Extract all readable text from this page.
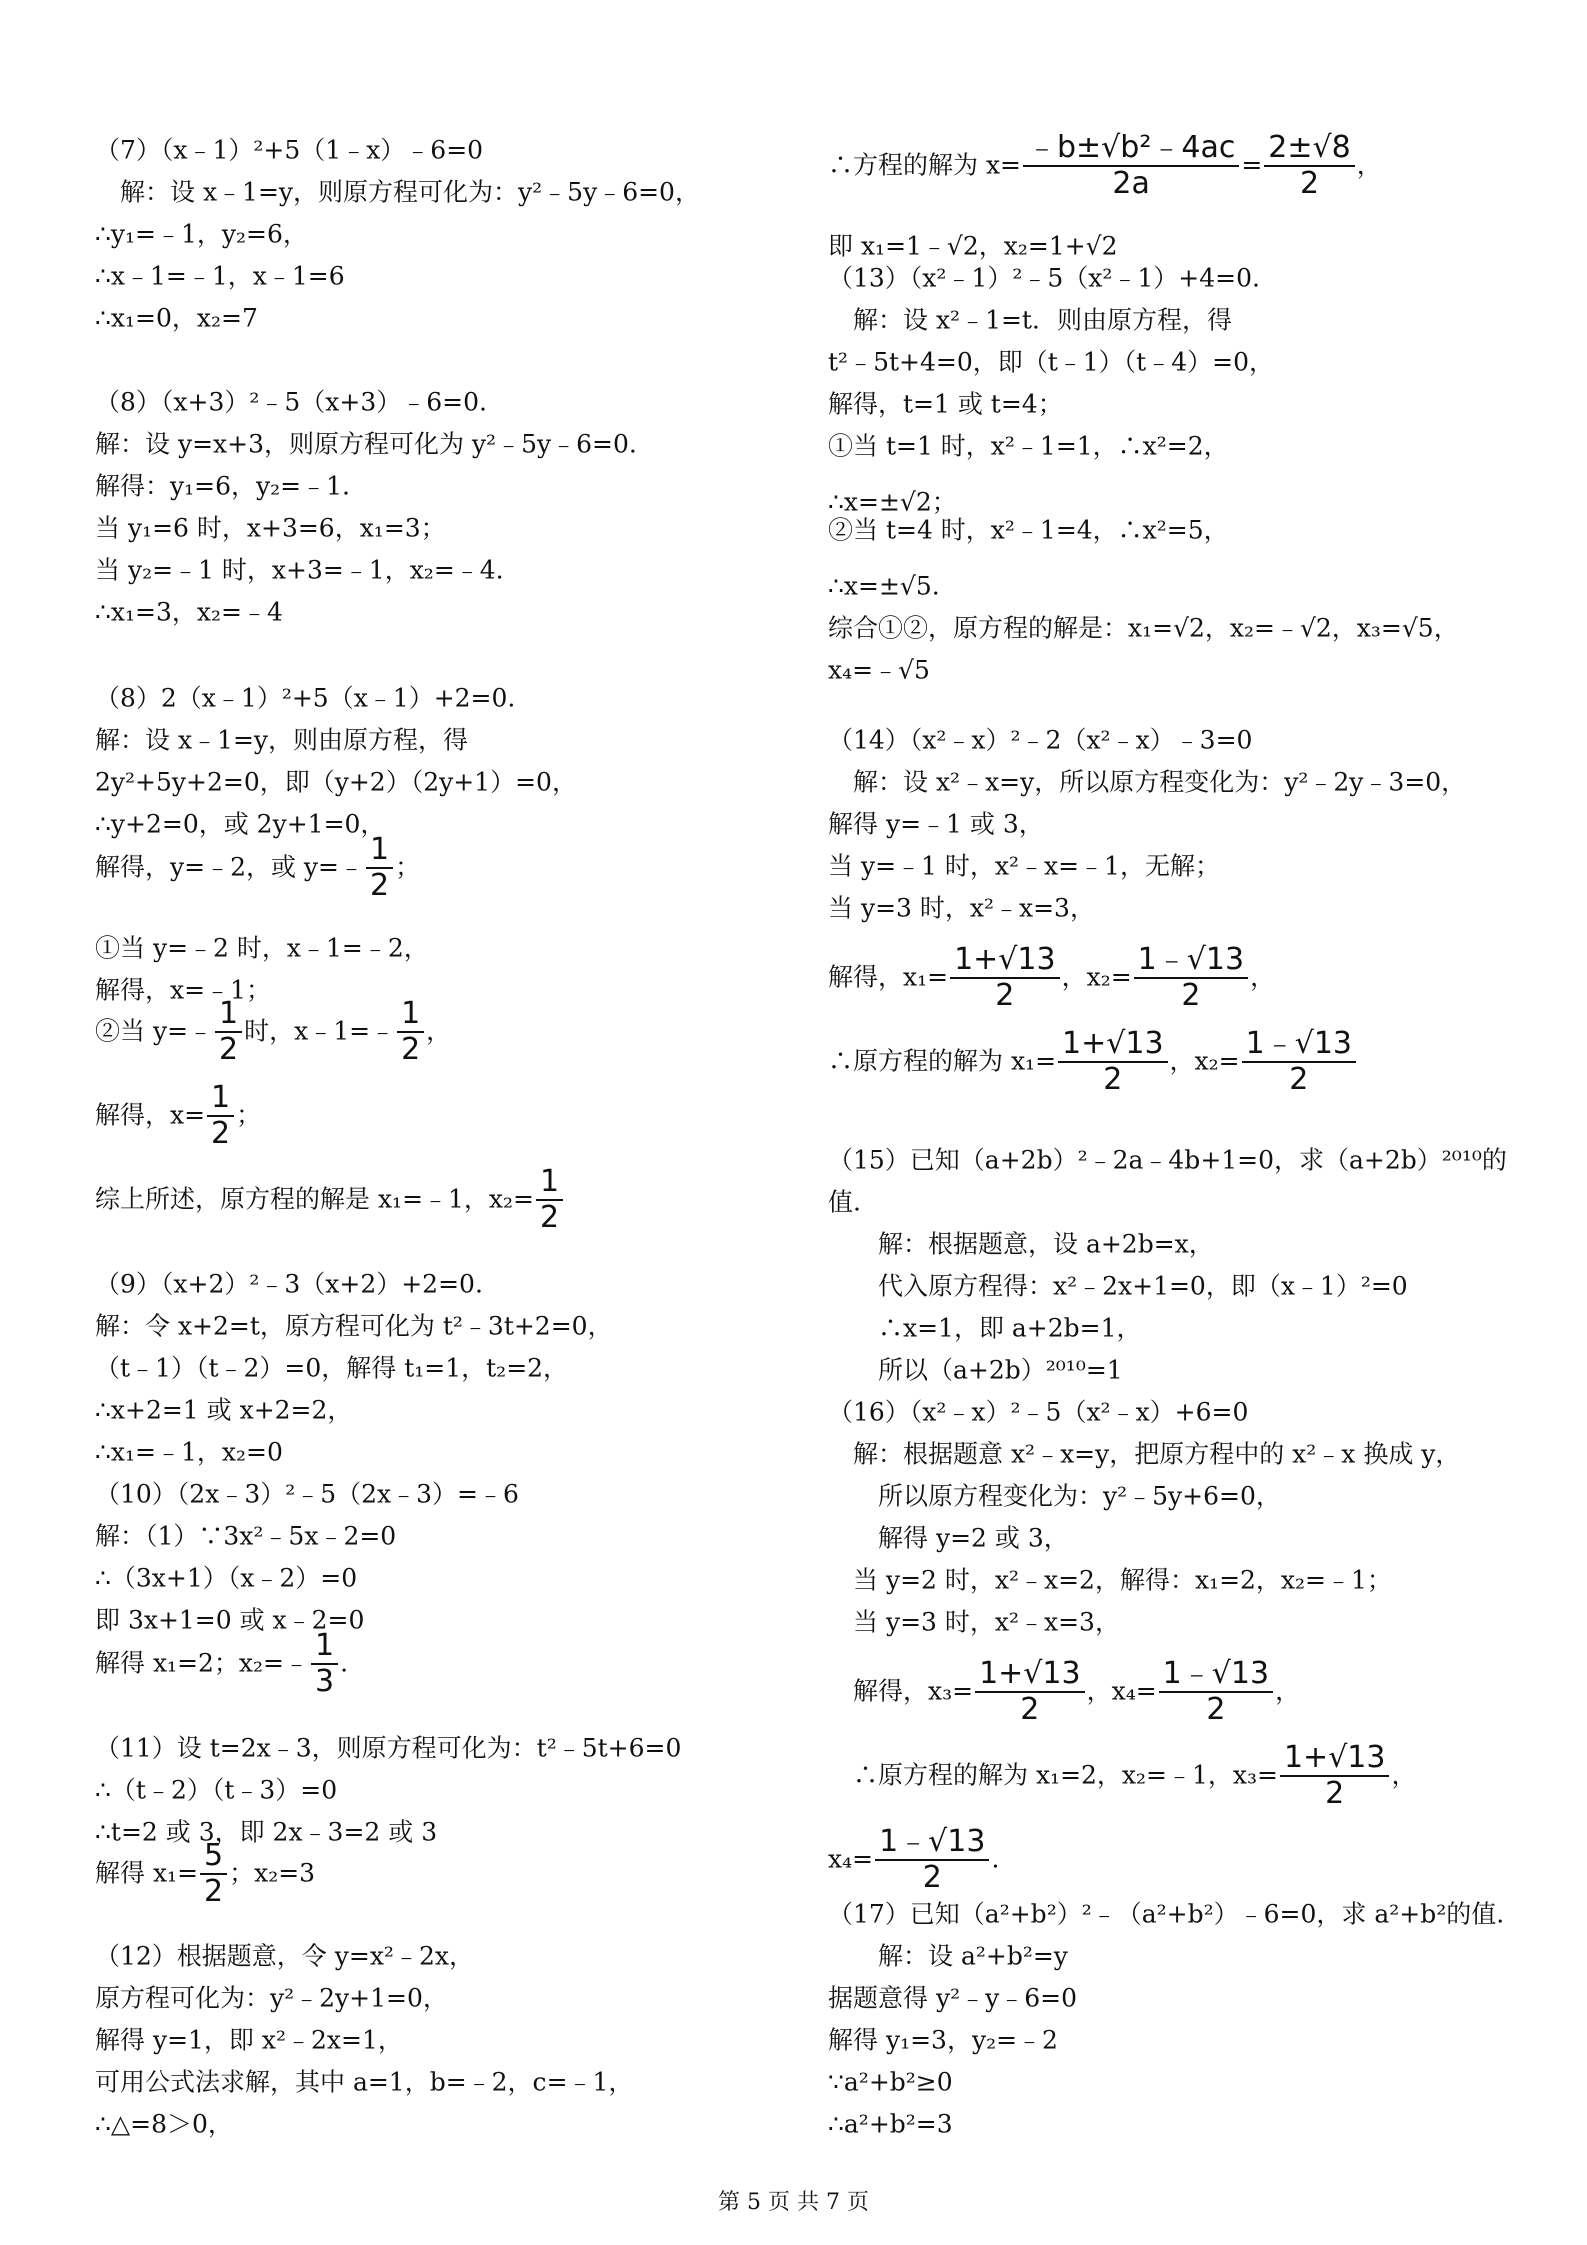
∴方程的解为 $x= \frac{\text{﹣b±√b²﹣4ac}}{2a} = \frac{2\pm√8}{2}$ ，
即 x₁=1﹣√2，x₂=1+√2
∴x=±√2；
∴x=±√5.
综合①②，原方程的解是：x₁=√2，x₂=﹣√2，x₃=√5，
x₄=﹣√5
解得，$x_1= \frac{1+√13}{2}$ ，$x_2= \frac{1﹣√13}{2}$ ，
∴原方程的解为 $x_1= \frac{1+√13}{2}$ ，$x_2= \frac{1﹣√13}{2}$
　解得，$x_3= \frac{1+√13}{2}$ ，$x_4= \frac{1﹣√13}{2}$ ，
　∴原方程的解为 x₁=2，x₂=﹣1，$x_3= \frac{1+√13}{2}$ ，
$x_4= \frac{1﹣√13}{2}$ .
第 5 页 共 7 页
（7）（x﹣1）²+5（1﹣x）﹣6=0
　解：设 x﹣1=y，则原方程可化为：y²﹣5y﹣6=0，
∴y₁=﹣1，y₂=6，
∴x﹣1=﹣1，x﹣1=6
∴x₁=0，x₂=7
（8）（x+3）²﹣5（x+3）﹣6=0.
解：设 y=x+3，则原方程可化为 y²﹣5y﹣6=0.
解得：y₁=6，y₂=﹣1.
当 y₁=6 时，x+3=6，x₁=3；
当 y₂=﹣1 时，x+3=﹣1，x₂=﹣4.
∴x₁=3，x₂=﹣4
（8）2（x﹣1）²+5（x﹣1）+2=0.
解：设 x﹣1=y，则由原方程，得
2y²+5y+2=0，即（y+2）（2y+1）=0，
∴y+2=0，或 2y+1=0，
①当 y=﹣2 时，x﹣1=﹣2，
解得，x=﹣1；
（9）（x+2）²﹣3（x+2）+2=0.
解：令 x+2=t，原方程可化为 t²﹣3t+2=0，
（t﹣1）（t﹣2）=0，解得 t₁=1，t₂=2，
∴x+2=1 或 x+2=2，
∴x₁=﹣1，x₂=0
（10）（2x﹣3）²﹣5（2x﹣3）=﹣6
解：（1）∵3x²﹣5x﹣2=0
∴（3x+1）（x﹣2）=0
即 3x+1=0 或 x﹣2=0
（11）设 t=2x﹣3，则原方程可化为：t²﹣5t+6=0
∴（t﹣2）（t﹣3）=0
∴t=2 或 3，即 2x﹣3=2 或 3
（12）根据题意，令 y=x²﹣2x，
原方程可化为：y²﹣2y+1=0，
解得 y=1，即 x²﹣2x=1，
可用公式法求解，其中 a=1，b=﹣2，c=﹣1，
∴△=8＞0，
解得，y=﹣2，或 y=﹣ $\frac{1}{2}$ ；
②当 y=﹣ $\frac{1}{2}$ 时，x﹣1=﹣ $\frac{1}{2}$ ，
解得，$x= \frac{1}{2}$ ；
综上所述，原方程的解是 x₁=﹣1，$x_2= \frac{1}{2}$
解得 x₁=2；x₂=﹣ $\frac{1}{3}$ .
解得 $x_1= \frac{5}{2}$ ；x₂=3
（13）（x²﹣1）²﹣5（x²﹣1）+4=0.
　解：设 x²﹣1=t．则由原方程，得
t²﹣5t+4=0，即（t﹣1）（t﹣4）=0，
解得，t=1 或 t=4；
①当 t=1 时，x²﹣1=1，∴x²=2，
②当 t=4 时，x²﹣1=4，∴x²=5，
（14）（x²﹣x）²﹣2（x²﹣x）﹣3=0
　解：设 x²﹣x=y，所以原方程变化为：y²﹣2y﹣3=0，
解得 y=﹣1 或 3，
当 y=﹣1 时，x²﹣x=﹣1，无解；
当 y=3 时，x²﹣x=3，
（15）已知（a+2b）²﹣2a﹣4b+1=0，求（a+2b）²⁰¹⁰的
值.
　　解：根据题意，设 a+2b=x，
　　代入原方程得：x²﹣2x+1=0，即（x﹣1）²=0
　　∴x=1，即 a+2b=1，
　　所以（a+2b）²⁰¹⁰=1
（16）（x²﹣x）²﹣5（x²﹣x）+6=0
　解：根据题意 x²﹣x=y，把原方程中的 x²﹣x 换成 y，
　　所以原方程变化为：y²﹣5y+6=0，
　　解得 y=2 或 3，
　当 y=2 时，x²﹣x=2，解得：x₁=2，x₂=﹣1；
　当 y=3 时，x²﹣x=3，
（17）已知（a²+b²）²﹣（a²+b²）﹣6=0，求 a²+b²的值.
　　解：设 a²+b²=y
据题意得 y²﹣y﹣6=0
解得 y₁=3，y₂=﹣2
∵a²+b²≥0
∴a²+b²=3
